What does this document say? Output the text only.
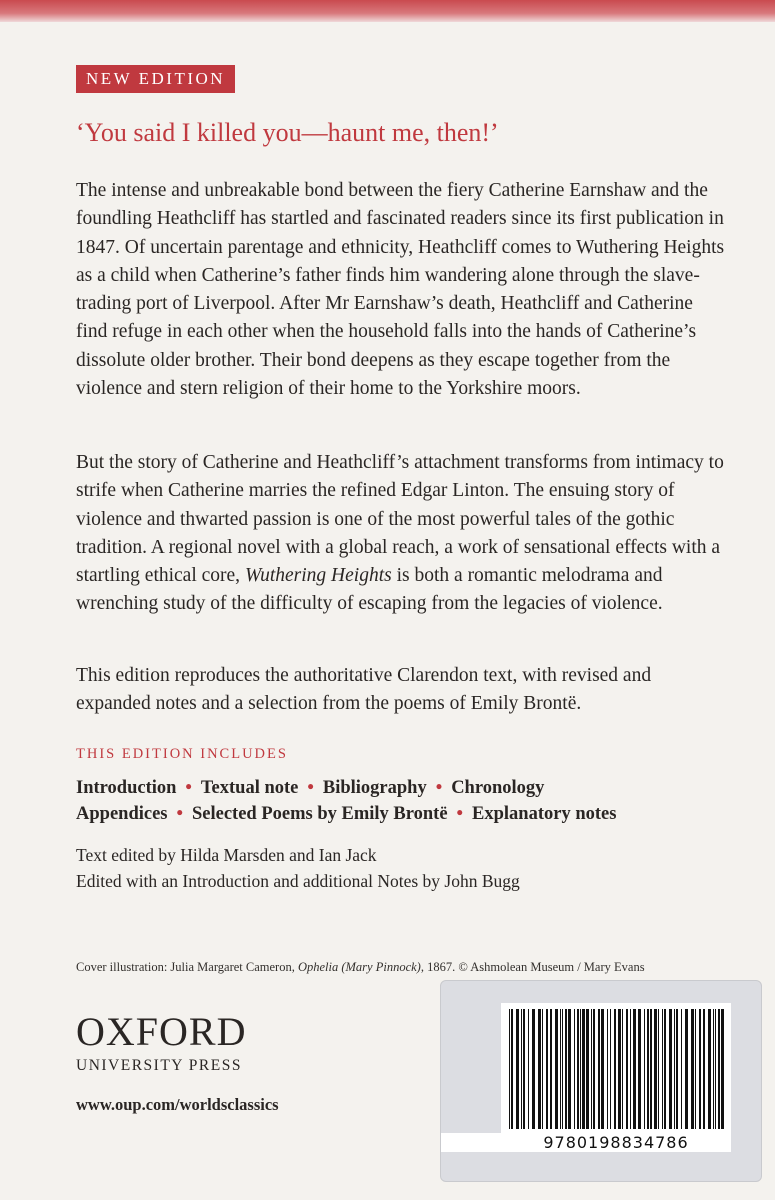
NEW EDITION
‘You said I killed you—haunt me, then!’

The intense and unbreakable bond between the fiery Catherine Earnshaw and the foundling Heathcliff has startled and fascinated readers since its first publication in 1847. Of uncertain parentage and ethnicity, Heathcliff comes to Wuthering Heights as a child when Catherine’s father finds him wandering alone through the slave-trading port of Liverpool. After Mr Earnshaw’s death, Heathcliff and Catherine find refuge in each other when the household falls into the hands of Catherine’s dissolute older brother. Their bond deepens as they escape together from the violence and stern religion of their home to the Yorkshire moors.

But the story of Catherine and Heathcliff’s attachment transforms from intimacy to strife when Catherine marries the refined Edgar Linton. The ensuing story of violence and thwarted passion is one of the most powerful tales of the gothic tradition. A regional novel with a global reach, a work of sensational effects with a startling ethical core, Wuthering Heights is both a romantic melodrama and wrenching study of the difficulty of escaping from the legacies of violence.

This edition reproduces the authoritative Clarendon text, with revised and expanded notes and a selection from the poems of Emily Brontë.

THIS EDITION INCLUDES
Introduction • Textual note • Bibliography • Chronology
Appendices • Selected Poems by Emily Brontë • Explanatory notes
Text edited by Hilda Marsden and Ian Jack
Edited with an Introduction and additional Notes by John Bugg
Cover illustration: Julia Margaret Cameron, Ophelia (Mary Pinnock), 1867. © Ashmolean Museum / Mary Evans
OXFORD
UNIVERSITY PRESS
www.oup.com/worldsclassics
9780198834786
